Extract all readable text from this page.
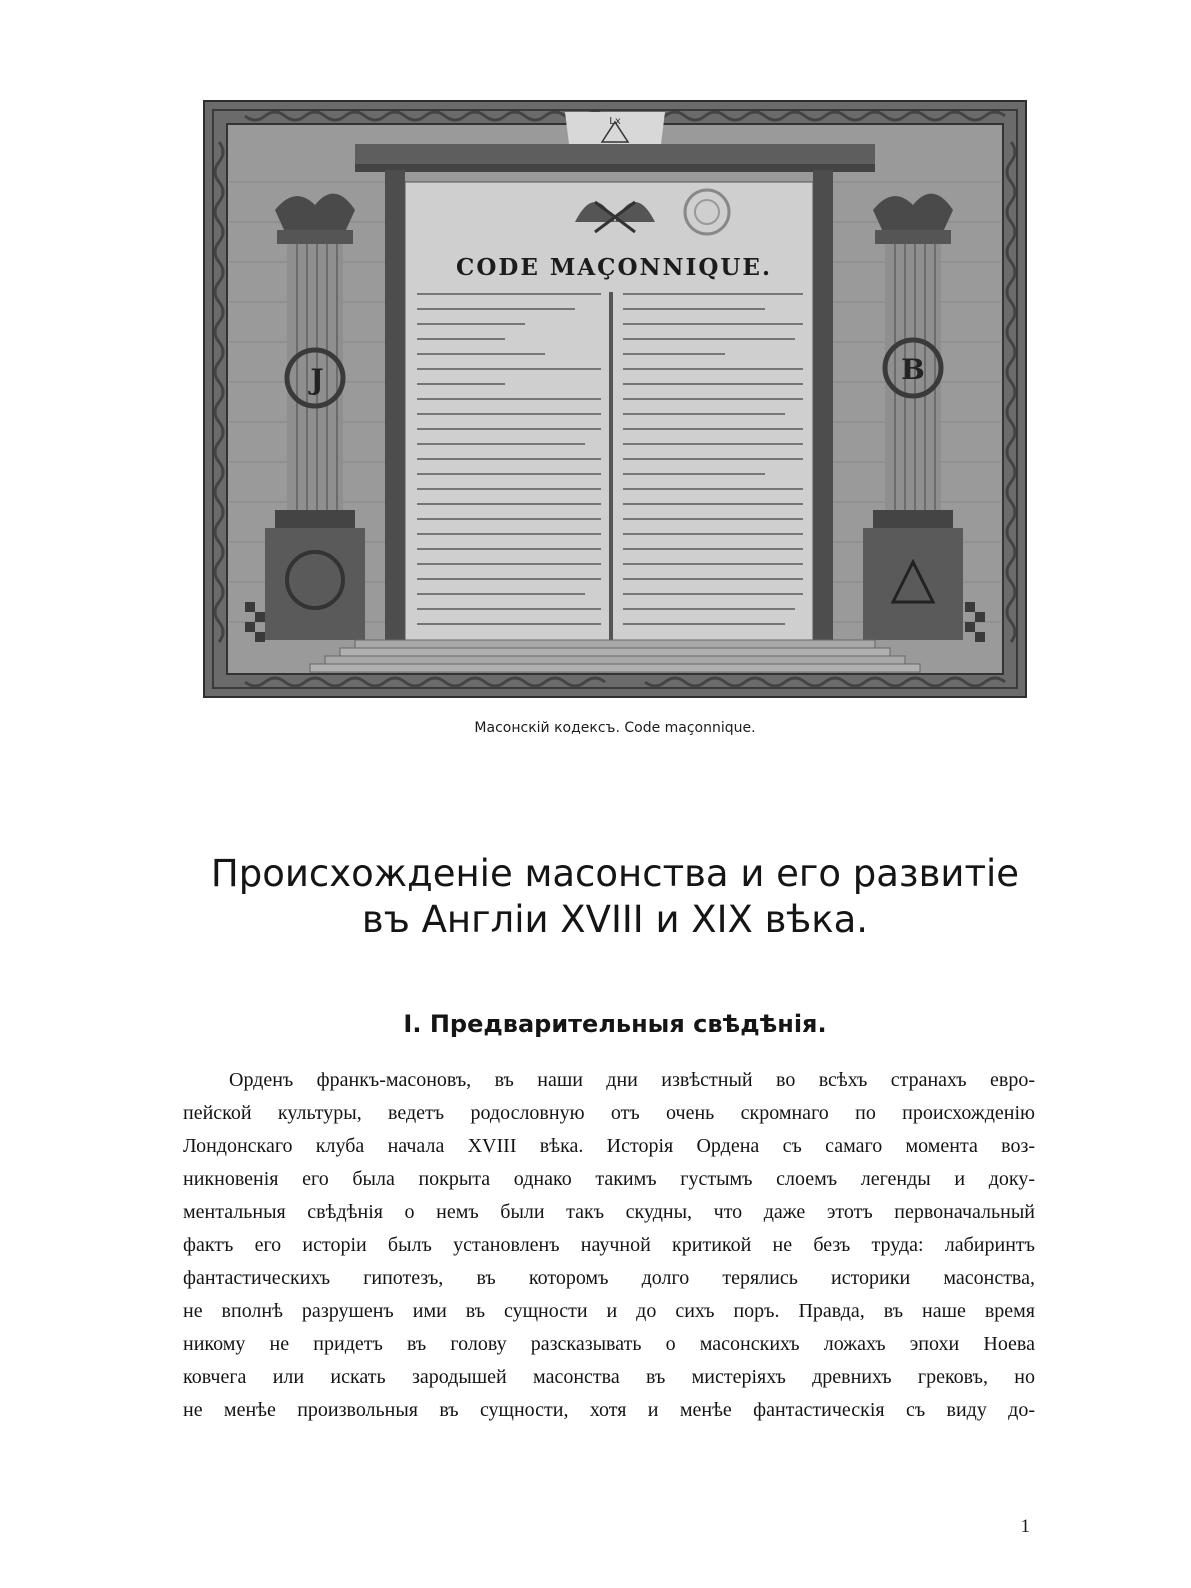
Lx
CODE MAÇONNIQUE.
J	B
Масонскій кодексъ. Code maçonnique.
Происхожденіе масонства и его развитіе
въ Англіи XVIII и XIX вѣка.
I. Предварительныя свѣдѣнія.
Орденъ франкъ-масоновъ, въ наши дни извѣстный во всѣхъ странахъ евро-
пейской культуры, ведетъ родословную отъ очень скромнаго по происхожденію
Лондонскаго клуба начала XVIII вѣка. Исторія Ордена съ самаго момента воз-
никновенія его была покрыта однако такимъ густымъ слоемъ легенды и доку-
ментальныя свѣдѣнія о немъ были такъ скудны, что даже этотъ первоначальный
фактъ его исторіи былъ установленъ научной критикой не безъ труда: лабиринтъ
фантастическихъ гипотезъ, въ которомъ долго терялись историки масонства,
не вполнѣ разрушенъ ими въ сущности и до сихъ поръ. Правда, въ наше время
никому не придетъ въ голову разсказывать о масонскихъ ложахъ эпохи Ноева
ковчега или искать зародышей масонства въ мистеріяхъ древнихъ грековъ, но
не менѣе произвольныя въ сущности, хотя и менѣе фантастическія съ виду до-
1
